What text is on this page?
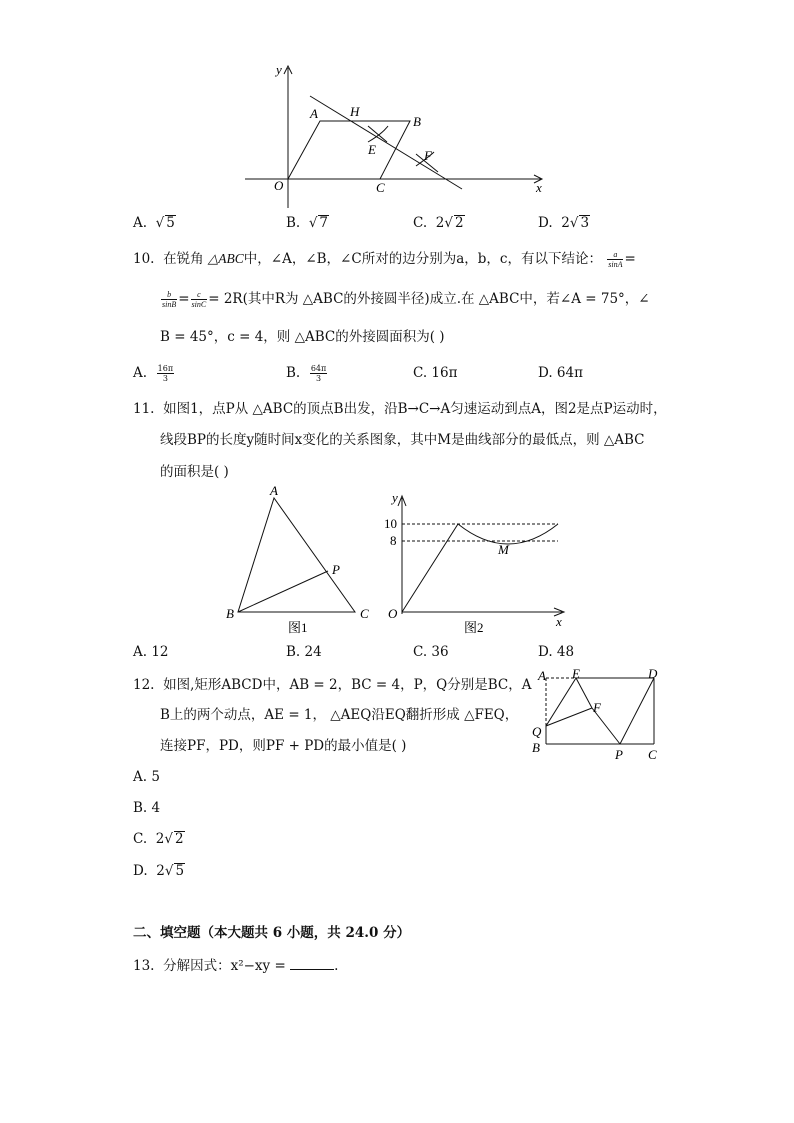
y
x
O
A H
B
E	F
C
A. √ 5	B. √ 7	C. 2√ 2	D. 2√ 3
10. 在锐角 △ABC中，∠A，∠B，∠C所对的边分别为a，b，c，有以下结论： $\frac{a}{\sin A}$ =
$\frac{b}{\sin B} = \frac{c}{\sin C} = 2R$(其中R为 △ABC的外接圆半径)成立.在 △ABC中，若∠A = 75°，∠
B = 45°，c = 4，则 △ABC的外接圆面积为( )
A. $\frac{16\pi}{3}$	B. $\frac{64\pi}{3}$	C. 16π	D. 64π
11. 如图1，点P从 △ABC的顶点B出发，沿B→C→A匀速运动到点A，图2是点P运动时，
线段BP的长度y随时间x变化的关系图象，其中M是曲线部分的最低点，则 △ABC
的面积是( )
A
B	C
P
图1
y
x
O
10
8
M
图2
A. 12	B. 24	C. 36	D. 48
12. 如图,矩形ABCD中，AB = 2，BC = 4，P，Q分别是BC，A
B上的两个动点，AE = 1， △AEQ沿EQ翻折形成 △FEQ，
连接PF，PD，则PF + PD的最小值是( )
A E	D
F
Q
B	P C
A. 5
B. 4
C. 2√ 2
D. 2√ 5
二、填空题（本大题共 6 小题，共 24.0 分）
13. 分解因式：x²−xy =	.
